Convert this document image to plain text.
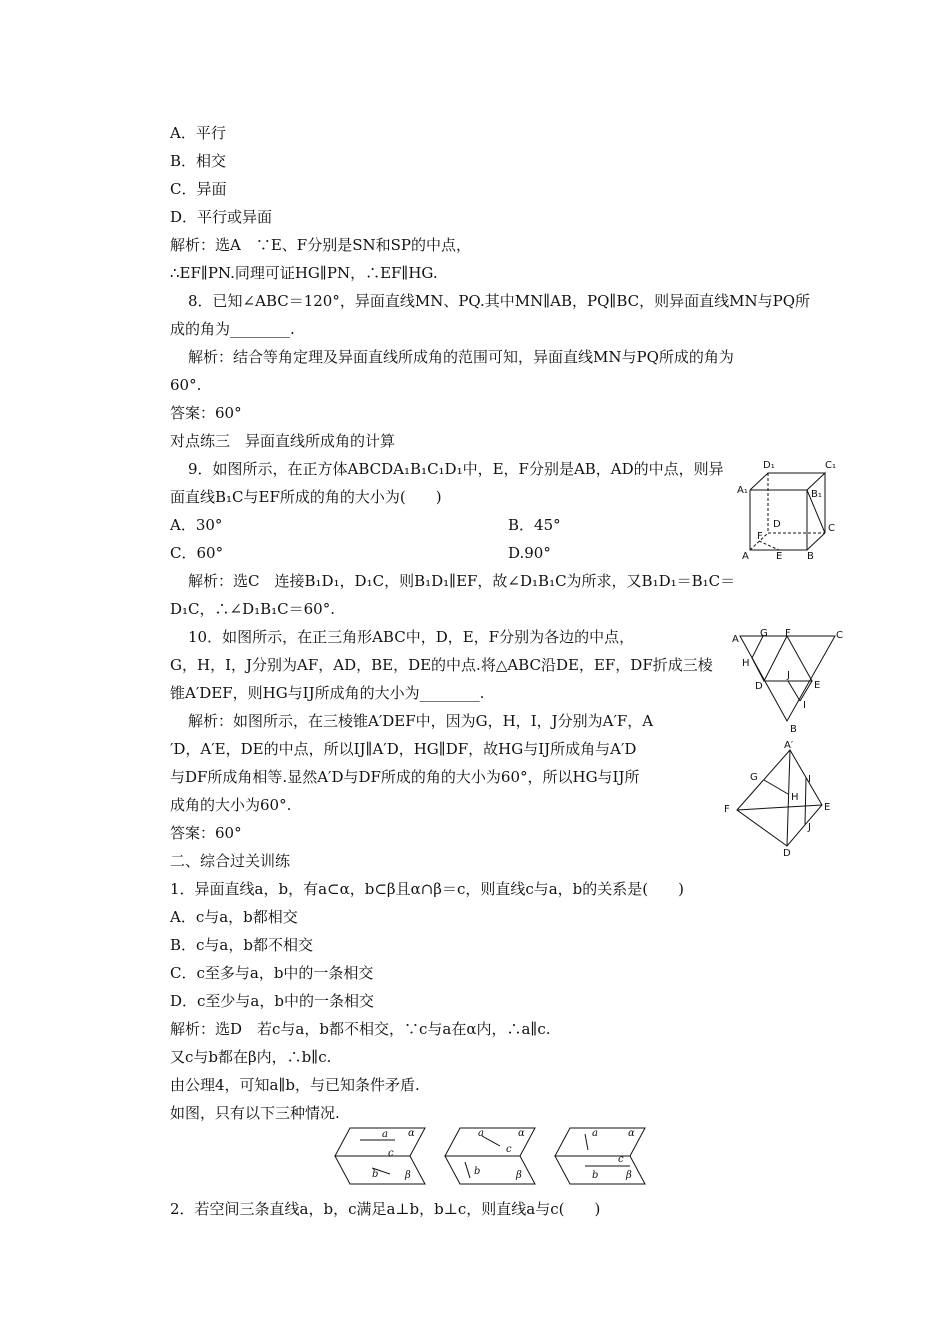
A．平行
B．相交
C．异面
D．平行或异面
解析：选A　∵E、F分别是SN和SP的中点，
∴EF∥PN.同理可证HG∥PN，∴EF∥HG.
8．已知∠ABC＝120°，异面直线MN、PQ.其中MN∥AB，PQ∥BC，则异面直线MN与PQ所
成的角为________.
解析：结合等角定理及异面直线所成角的范围可知，异面直线MN与PQ所成的角为
60°.
答案：60°
对点练三　异面直线所成角的计算
9．如图所示，在正方体ABCDA₁B₁C₁D₁中，E，F分别是AB，AD的中点，则异
面直线B₁C与EF所成的角的大小为(　　)
A．30°	B．45°
C．60°	D.90°
解析：选C　连接B₁D₁，D₁C，则B₁D₁∥EF，故∠D₁B₁C为所求，又B₁D₁＝B₁C＝
D₁C，∴∠D₁B₁C＝60°.
10．如图所示，在正三角形ABC中，D，E，F分别为各边的中点，
G，H，I，J分别为AF，AD，BE，DE的中点.将△ABC沿DE，EF，DF折成三棱
锥A′DEF，则HG与IJ所成角的大小为________.
解析：如图所示，在三棱锥A′DEF中，因为G，H，I，J分别为A′F，A
′D，A′E，DE的中点，所以IJ∥A′D，HG∥DF，故HG与IJ所成角与A′D
与DF所成角相等.显然A′D与DF所成的角的大小为60°，所以HG与IJ所
成角的大小为60°.
答案：60°
二、综合过关训练
1．异面直线a，b，有a⊂α，b⊂β且α∩β＝c，则直线c与a，b的关系是(　　)
A．c与a，b都相交
B．c与a，b都不相交
C．c至多与a，b中的一条相交
D．c至少与a，b中的一条相交
解析：选D　若c与a，b都不相交，∵c与a在α内，∴a∥c.
又c与b都在β内，∴b∥c.
由公理4，可知a∥b，与已知条件矛盾.
如图，只有以下三种情况.
2．若空间三条直线a，b，c满足a⊥b，b⊥c，则直线a与c(　　)
D₁	C₁
A₁	B₁
D	C
F
A	E B
A
G F	C
H
J
D	E
I
B
A′
G	I
H
F	E
J
D
a α
c
b	β
a	α
c
b	β
a	α
c
b	β
